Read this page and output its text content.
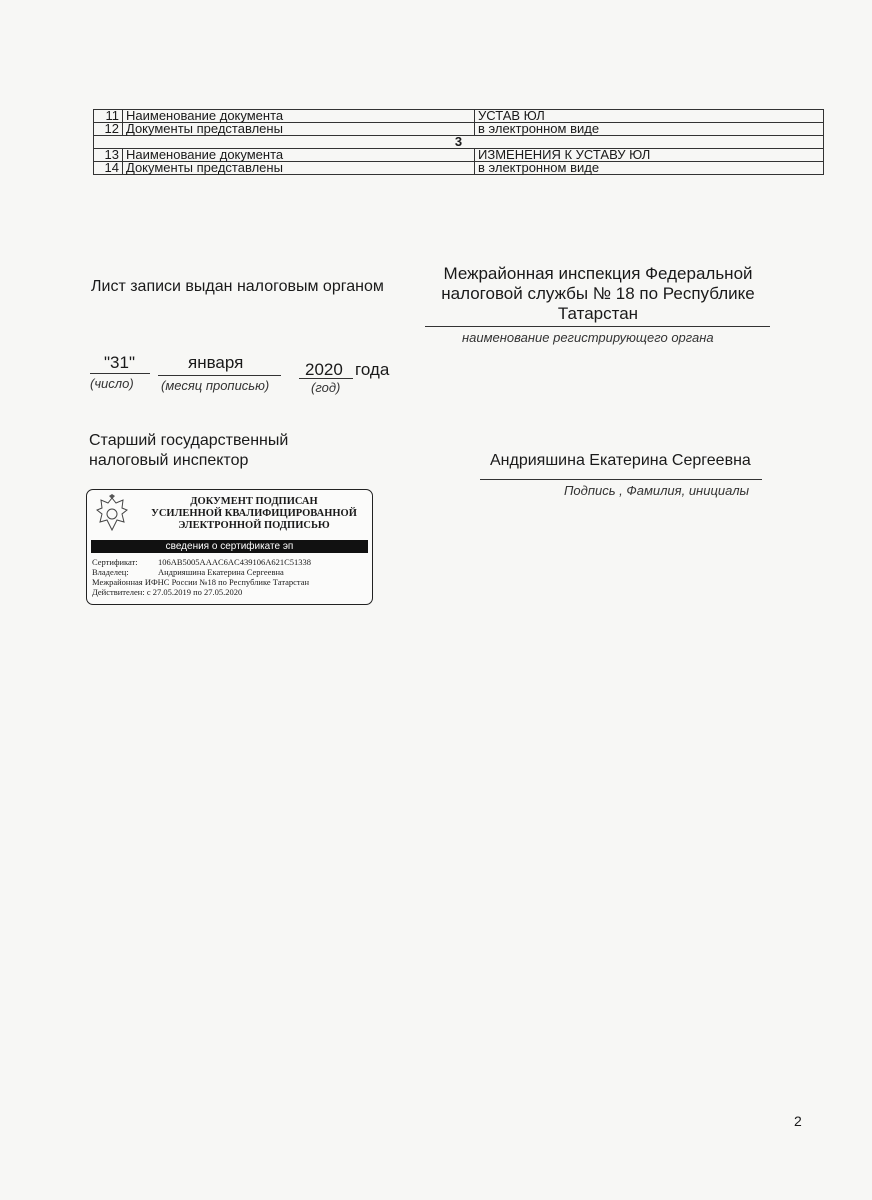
11	Наименование документа	УСТАВ ЮЛ
12	Документы представлены	в электронном виде
3		
13	Наименование документа	ИЗМЕНЕНИЯ К УСТАВУ ЮЛ
14	Документы представлены	в электронном виде
Лист записи выдан налоговым органом
Межрайонная инспекция Федеральной
налоговой службы № 18 по Республике
Татарстан
наименование регистрирующего органа
"31"
(число)
января
(месяц прописью)
2020 года
(год)
Старший государственный
налоговый инспектор	Андрияшина Екатерина Сергеевна
Подпись , Фамилия, инициалы
ДОКУМЕНТ ПОДПИСАН
УСИЛЕННОЙ КВАЛИФИЦИРОВАННОЙ
ЭЛЕКТРОННОЙ ПОДПИСЬЮ
сведения о сертификате эп
Сертификат: 106AB5005AAAC6AC439106A621C51338
Владелец:	Андрияшина Екатерина Сергеевна
Межрайонная ИФНС России №18 по Республике Татарстан
Действителен: с 27.05.2019 по 27.05.2020
2
